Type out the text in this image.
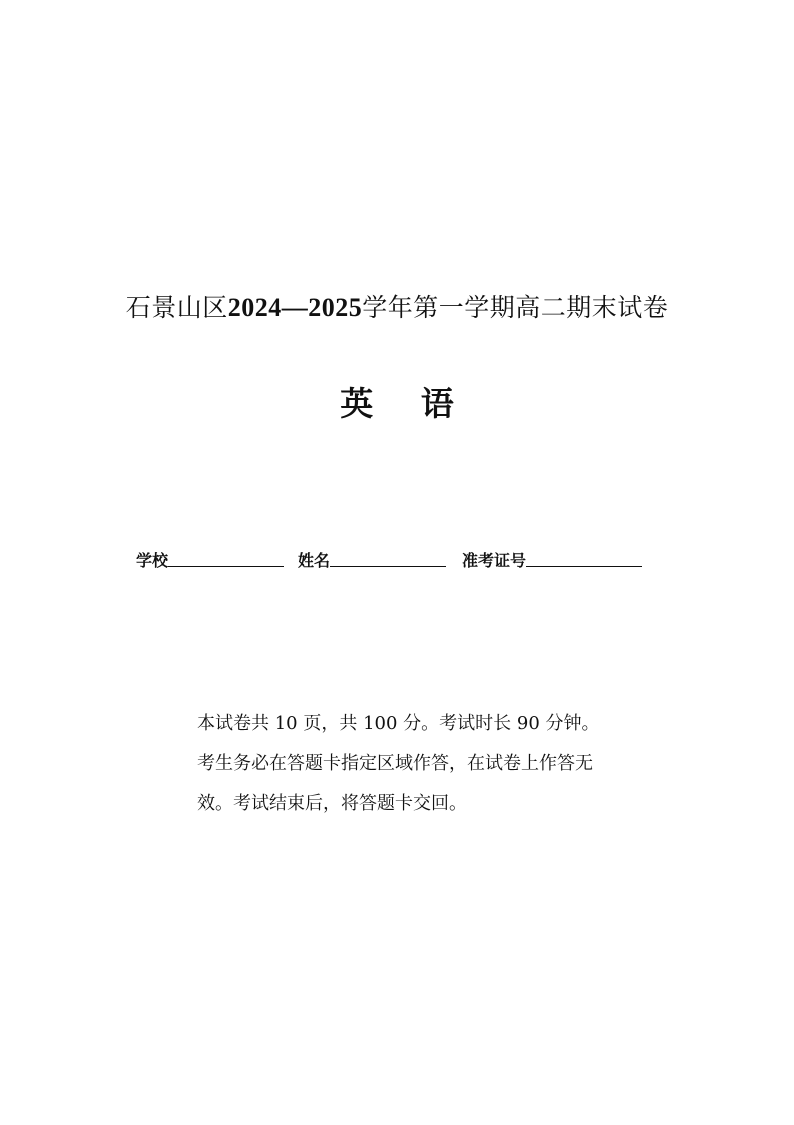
石景山区2024—2025学年第一学期高二期末试卷
英 语
学校	姓名	准考证号

本试卷共 10 页，共 100 分。考试时长 90 分钟。

考生务必在答题卡指定区域作答，在试卷上作答无

效。考试结束后，将答题卡交回。
